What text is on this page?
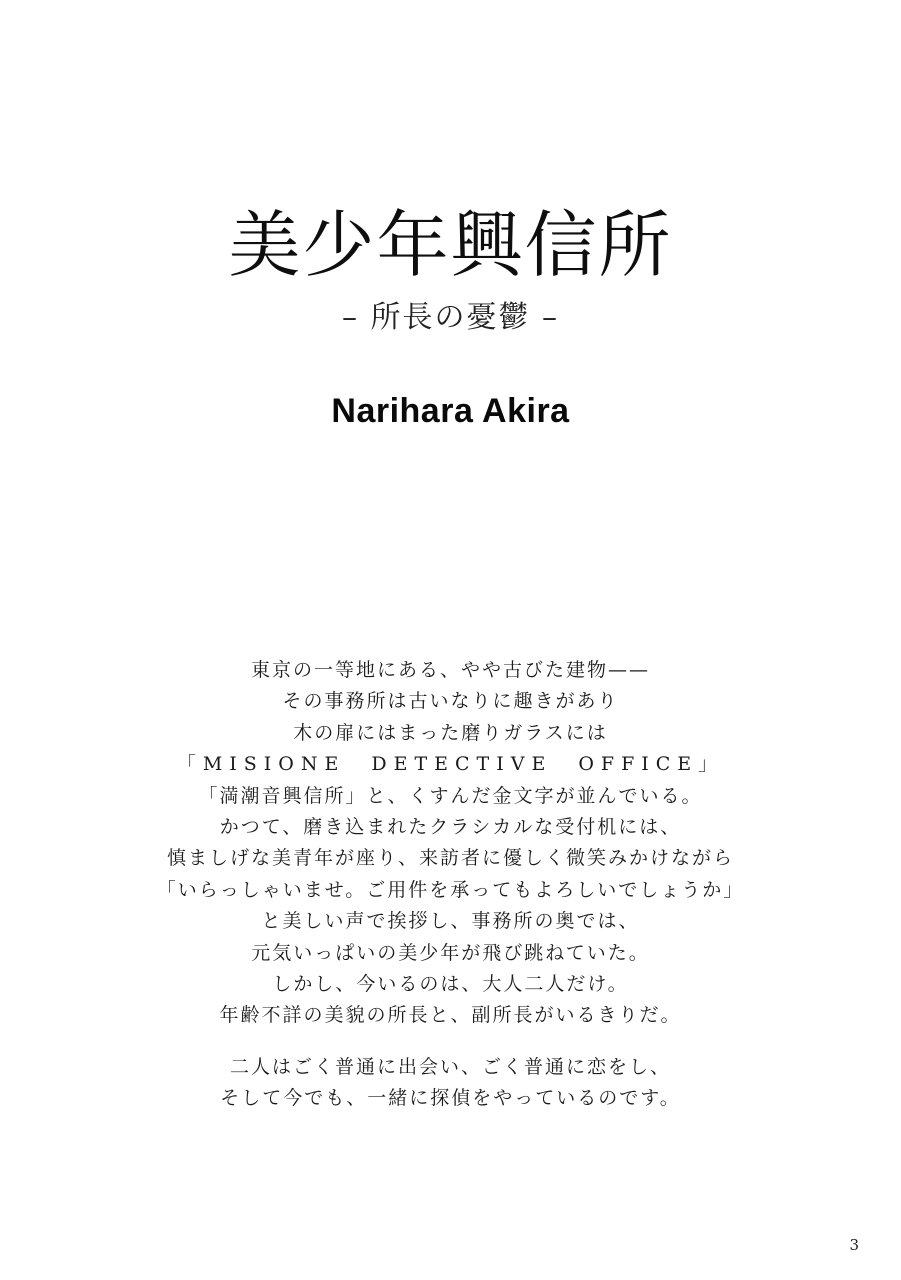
美少年興信所
– 所長の憂鬱 –
Narihara Akira
東京の一等地にある、やや古びた建物——
その事務所は古いなりに趣きがあり
木の扉にはまった磨りガラスには
「MISIONE　DETECTIVE　OFFICE」
「満潮音興信所」と、くすんだ金文字が並んでいる。
かつて、磨き込まれたクラシカルな受付机には、
慎ましげな美青年が座り、来訪者に優しく微笑みかけながら
「いらっしゃいませ。ご用件を承ってもよろしいでしょうか」
と美しい声で挨拶し、事務所の奥では、
元気いっぱいの美少年が飛び跳ねていた。
しかし、今いるのは、大人二人だけ。
年齢不詳の美貌の所長と、副所長がいるきりだ。
二人はごく普通に出会い、ごく普通に恋をし、
そして今でも、一緒に探偵をやっているのです。
3
